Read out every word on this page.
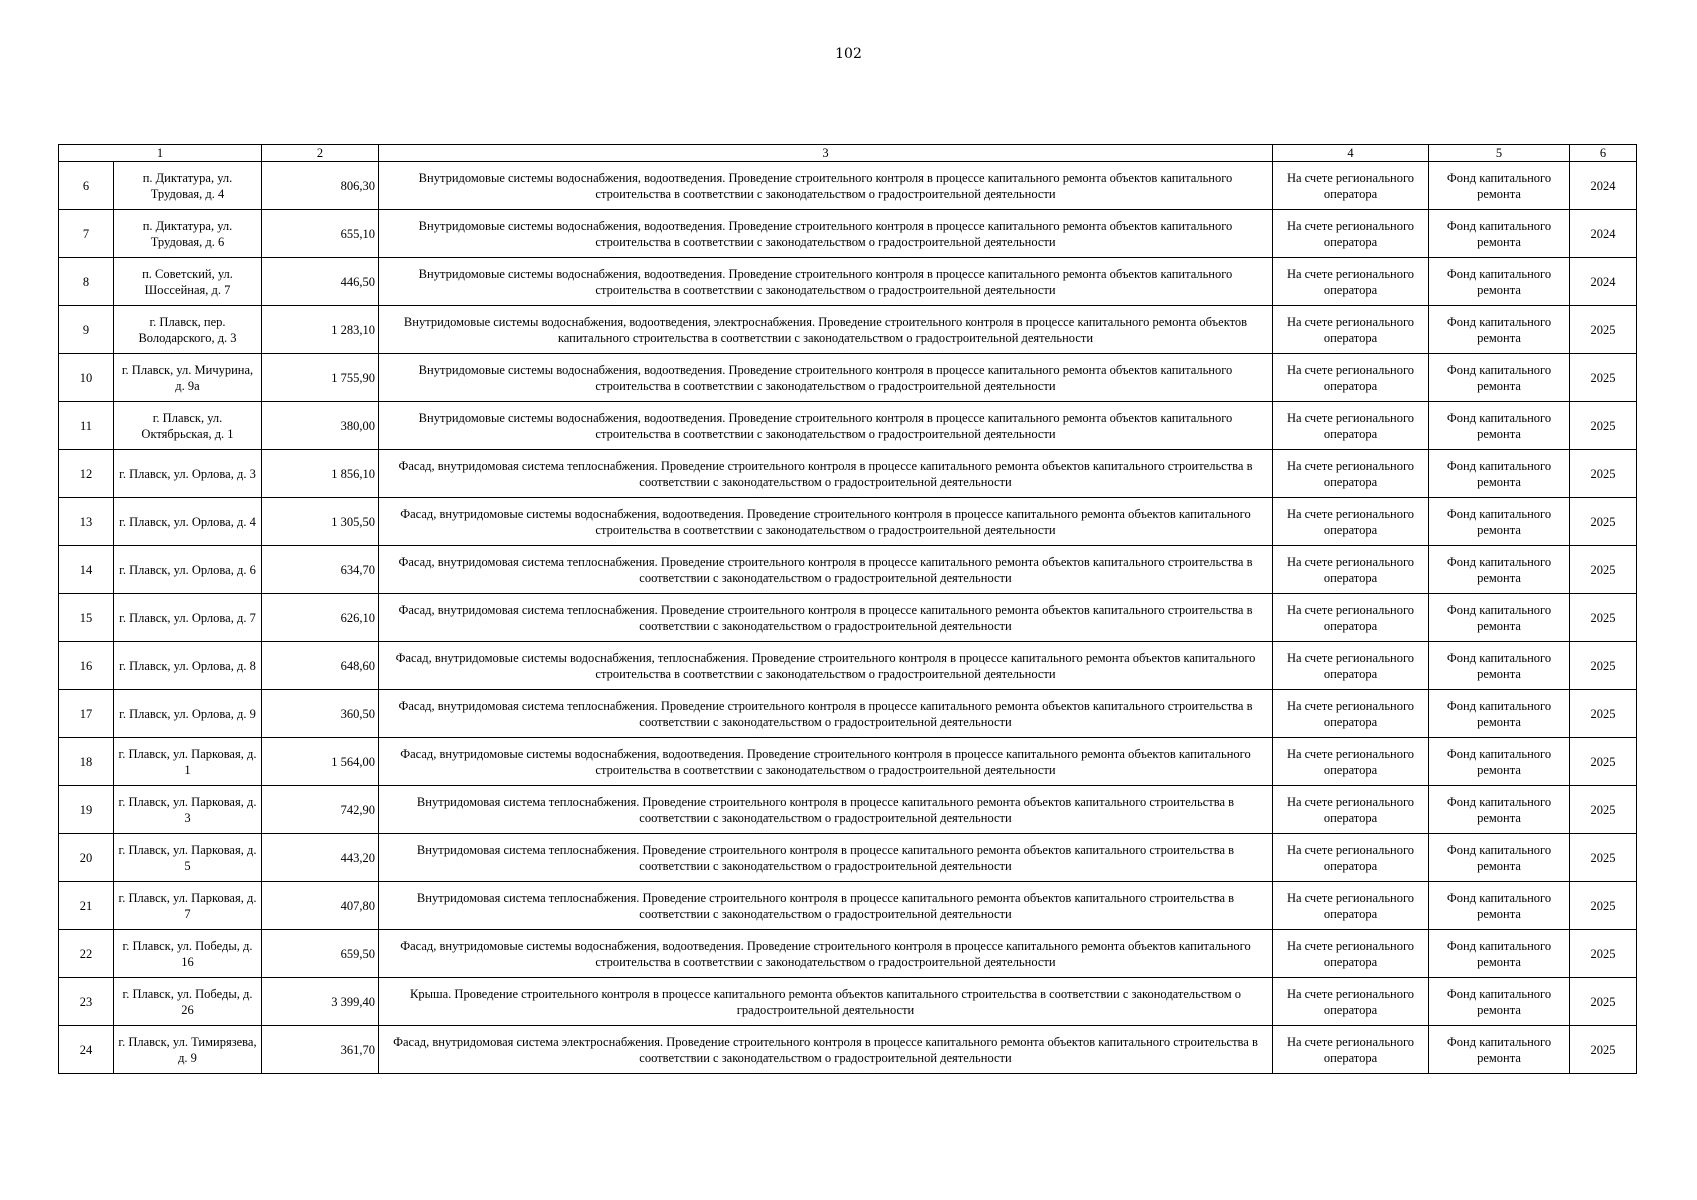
102
1		2	3	4	5	6
6	п. Диктатура, ул. Трудовая, д. 4	806,30	Внутридомовые системы водоснабжения, водоотведения. Проведение строительного контроля в процессе капитального ремонта объектов капитального строительства в соответствии с законодательством о градостроительной деятельности	На счете регионального оператора	Фонд капитального ремонта	2024
7	п. Диктатура, ул. Трудовая, д. 6	655,10	Внутридомовые системы водоснабжения, водоотведения. Проведение строительного контроля в процессе капитального ремонта объектов капитального строительства в соответствии с законодательством о градостроительной деятельности	На счете регионального оператора	Фонд капитального ремонта	2024
8	п. Советский, ул. Шоссейная, д. 7	446,50	Внутридомовые системы водоснабжения, водоотведения. Проведение строительного контроля в процессе капитального ремонта объектов капитального строительства в соответствии с законодательством о градостроительной деятельности	На счете регионального оператора	Фонд капитального ремонта	2024
9	г. Плавск, пер. Володарского, д. 3	1 283,10	Внутридомовые системы водоснабжения, водоотведения, электроснабжения. Проведение строительного контроля в процессе капитального ремонта объектов капитального строительства в соответствии с законодательством о градостроительной деятельности	На счете регионального оператора	Фонд капитального ремонта	2025
10	г. Плавск, ул. Мичурина, д. 9а	1 755,90	Внутридомовые системы водоснабжения, водоотведения. Проведение строительного контроля в процессе капитального ремонта объектов капитального строительства в соответствии с законодательством о градостроительной деятельности	На счете регионального оператора	Фонд капитального ремонта	2025
11	г. Плавск, ул. Октябрьская, д. 1	380,00	Внутридомовые системы водоснабжения, водоотведения. Проведение строительного контроля в процессе капитального ремонта объектов капитального строительства в соответствии с законодательством о градостроительной деятельности	На счете регионального оператора	Фонд капитального ремонта	2025
12	г. Плавск, ул. Орлова, д. 3	1 856,10	Фасад, внутридомовая система теплоснабжения. Проведение строительного контроля в процессе капитального ремонта объектов капитального строительства в соответствии с законодательством о градостроительной деятельности	На счете регионального оператора	Фонд капитального ремонта	2025
13	г. Плавск, ул. Орлова, д. 4	1 305,50	Фасад, внутридомовые системы водоснабжения, водоотведения. Проведение строительного контроля в процессе капитального ремонта объектов капитального строительства в соответствии с законодательством о градостроительной деятельности	На счете регионального оператора	Фонд капитального ремонта	2025
14	г. Плавск, ул. Орлова, д. 6	634,70	Фасад, внутридомовая система теплоснабжения. Проведение строительного контроля в процессе капитального ремонта объектов капитального строительства в соответствии с законодательством о градостроительной деятельности	На счете регионального оператора	Фонд капитального ремонта	2025
15	г. Плавск, ул. Орлова, д. 7	626,10	Фасад, внутридомовая система теплоснабжения. Проведение строительного контроля в процессе капитального ремонта объектов капитального строительства в соответствии с законодательством о градостроительной деятельности	На счете регионального оператора	Фонд капитального ремонта	2025
16	г. Плавск, ул. Орлова, д. 8	648,60	Фасад, внутридомовые системы водоснабжения, теплоснабжения. Проведение строительного контроля в процессе капитального ремонта объектов капитального строительства в соответствии с законодательством о градостроительной деятельности	На счете регионального оператора	Фонд капитального ремонта	2025
17	г. Плавск, ул. Орлова, д. 9	360,50	Фасад, внутридомовая система теплоснабжения. Проведение строительного контроля в процессе капитального ремонта объектов капитального строительства в соответствии с законодательством о градостроительной деятельности	На счете регионального оператора	Фонд капитального ремонта	2025
18	г. Плавск, ул. Парковая, д. 1	1 564,00	Фасад, внутридомовые системы водоснабжения, водоотведения. Проведение строительного контроля в процессе капитального ремонта объектов капитального строительства в соответствии с законодательством о градостроительной деятельности	На счете регионального оператора	Фонд капитального ремонта	2025
19	г. Плавск, ул. Парковая, д. 3	742,90	Внутридомовая система теплоснабжения. Проведение строительного контроля в процессе капитального ремонта объектов капитального строительства в соответствии с законодательством о градостроительной деятельности	На счете регионального оператора	Фонд капитального ремонта	2025
20	г. Плавск, ул. Парковая, д. 5	443,20	Внутридомовая система теплоснабжения. Проведение строительного контроля в процессе капитального ремонта объектов капитального строительства в соответствии с законодательством о градостроительной деятельности	На счете регионального оператора	Фонд капитального ремонта	2025
21	г. Плавск, ул. Парковая, д. 7	407,80	Внутридомовая система теплоснабжения. Проведение строительного контроля в процессе капитального ремонта объектов капитального строительства в соответствии с законодательством о градостроительной деятельности	На счете регионального оператора	Фонд капитального ремонта	2025
22	г. Плавск, ул. Победы, д. 16	659,50	Фасад, внутридомовые системы водоснабжения, водоотведения. Проведение строительного контроля в процессе капитального ремонта объектов капитального строительства в соответствии с законодательством о градостроительной деятельности	На счете регионального оператора	Фонд капитального ремонта	2025
23	г. Плавск, ул. Победы, д. 26	3 399,40	Крыша. Проведение строительного контроля в процессе капитального ремонта объектов капитального строительства в соответствии с законодательством о градостроительной деятельности	На счете регионального оператора	Фонд капитального ремонта	2025
24	г. Плавск, ул. Тимирязева, д. 9	361,70	Фасад, внутридомовая система электроснабжения. Проведение строительного контроля в процессе капитального ремонта объектов капитального строительства в соответствии с законодательством о градостроительной деятельности	На счете регионального оператора	Фонд капитального ремонта	2025
